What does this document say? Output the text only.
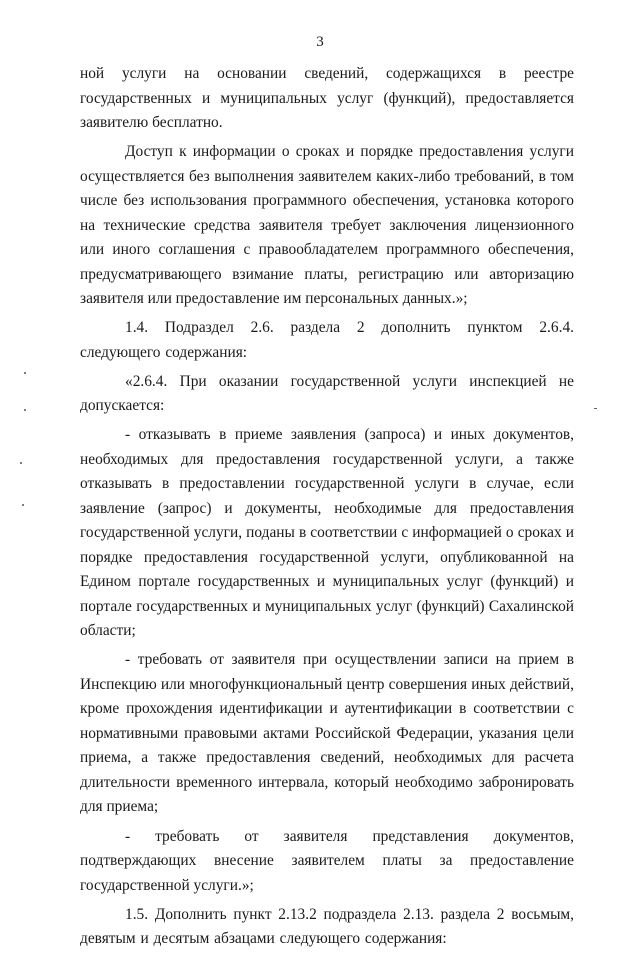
3

ной услуги на основании сведений, содержащихся в реестре государственных и муниципальных услуг (функций), предоставляется заявителю бесплатно.

Доступ к информации о сроках и порядке предоставления услуги осуществляется без выполнения заявителем каких-либо требований, в том числе без использования программного обеспечения, установка которого на технические средства заявителя требует заключения лицензионного или иного соглашения с правообладателем программного обеспечения, предусматривающего взимание платы, регистрацию или авторизацию заявителя или предоставление им персональных данных.»;

1.4. Подраздел 2.6. раздела 2 дополнить пунктом 2.6.4. следующего содержания:

«2.6.4. При оказании государственной услуги инспекцией не допускается:

- отказывать в приеме заявления (запроса) и иных документов, необходимых для предоставления государственной услуги, а также отказывать в предоставлении государственной услуги в случае, если заявление (запрос) и документы, необходимые для предоставления государственной услуги, поданы в соответствии с информацией о сроках и порядке предоставления государственной услуги, опубликованной на Едином портале государственных и муниципальных услуг (функций) и портале государственных и муниципальных услуг (функций) Сахалинской области;

- требовать от заявителя при осуществлении записи на прием в Инспекцию или многофункциональный центр совершения иных действий, кроме прохождения идентификации и аутентификации в соответствии с нормативными правовыми актами Российской Федерации, указания цели приема, а также предоставления сведений, необходимых для расчета длительности временного интервала, который необходимо забронировать для приема;

- требовать от заявителя представления документов, подтверждающих внесение заявителем платы за предоставление государственной услуги.»;

1.5. Дополнить пункт 2.13.2 подраздела 2.13. раздела 2 восьмым, девятым и десятым абзацами следующего содержания:
